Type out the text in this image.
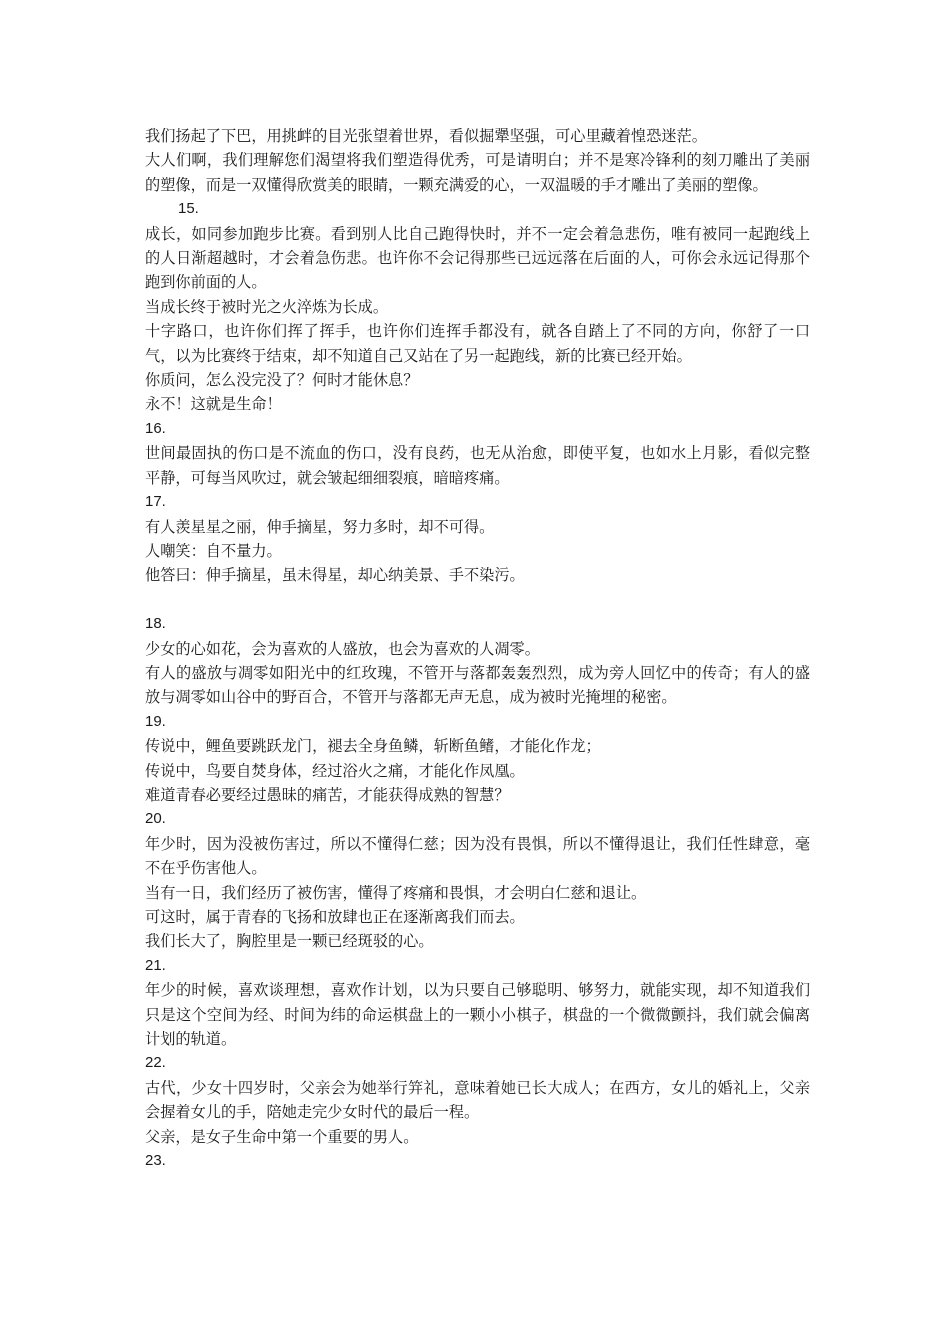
我们扬起了下巴，用挑衅的目光张望着世界，看似掘犟坚强，可心里藏着惶恐迷茫。

大人们啊，我们理解您们渴望将我们塑造得优秀，可是请明白；并不是寒冷锋利的刻刀雕出了美丽的塑像，而是一双懂得欣赏美的眼睛，一颗充满爱的心，一双温暖的手才雕出了美丽的塑像。

15.

成长，如同参加跑步比赛。看到别人比自己跑得快时，并不一定会着急悲伤，唯有被同一起跑线上的人日渐超越时，才会着急伤悲。也许你不会记得那些已远远落在后面的人，可你会永远记得那个跑到你前面的人。

当成长终于被时光之火淬炼为长成。

十字路口，也许你们挥了挥手，也许你们连挥手都没有，就各自踏上了不同的方向，你舒了一口气，以为比赛终于结束，却不知道自己又站在了另一起跑线，新的比赛已经开始。

你质问，怎么没完没了？何时才能休息？

永不！这就是生命！

16.

世间最固执的伤口是不流血的伤口，没有良药，也无从治愈，即使平复，也如水上月影，看似完整平静，可每当风吹过，就会皱起细细裂痕，暗暗疼痛。

17.

有人羡星星之丽，伸手摘星，努力多时，却不可得。

人嘲笑：自不量力。

他答曰：伸手摘星，虽未得星，却心纳美景、手不染污。

18.

少女的心如花，会为喜欢的人盛放，也会为喜欢的人凋零。

有人的盛放与凋零如阳光中的红玫瑰，不管开与落都轰轰烈烈，成为旁人回忆中的传奇；有人的盛放与凋零如山谷中的野百合，不管开与落都无声无息，成为被时光掩埋的秘密。

19.

传说中，鲤鱼要跳跃龙门，褪去全身鱼鳞，斩断鱼鳍，才能化作龙；

传说中，鸟要自焚身体，经过浴火之痛，才能化作凤凰。

难道青春必要经过愚昧的痛苦，才能获得成熟的智慧？

20.

年少时，因为没被伤害过，所以不懂得仁慈；因为没有畏惧，所以不懂得退让，我们任性肆意，毫不在乎伤害他人。

当有一日，我们经历了被伤害，懂得了疼痛和畏惧，才会明白仁慈和退让。

可这时，属于青春的飞扬和放肆也正在逐渐离我们而去。

我们长大了，胸腔里是一颗已经斑驳的心。

21.

年少的时候，喜欢谈理想，喜欢作计划，以为只要自己够聪明、够努力，就能实现，却不知道我们只是这个空间为经、时间为纬的命运棋盘上的一颗小小棋子，棋盘的一个微微颤抖，我们就会偏离计划的轨道。

22.

古代，少女十四岁时，父亲会为她举行笄礼，意味着她已长大成人；在西方，女儿的婚礼上，父亲会握着女儿的手，陪她走完少女时代的最后一程。

父亲，是女子生命中第一个重要的男人。

23.
